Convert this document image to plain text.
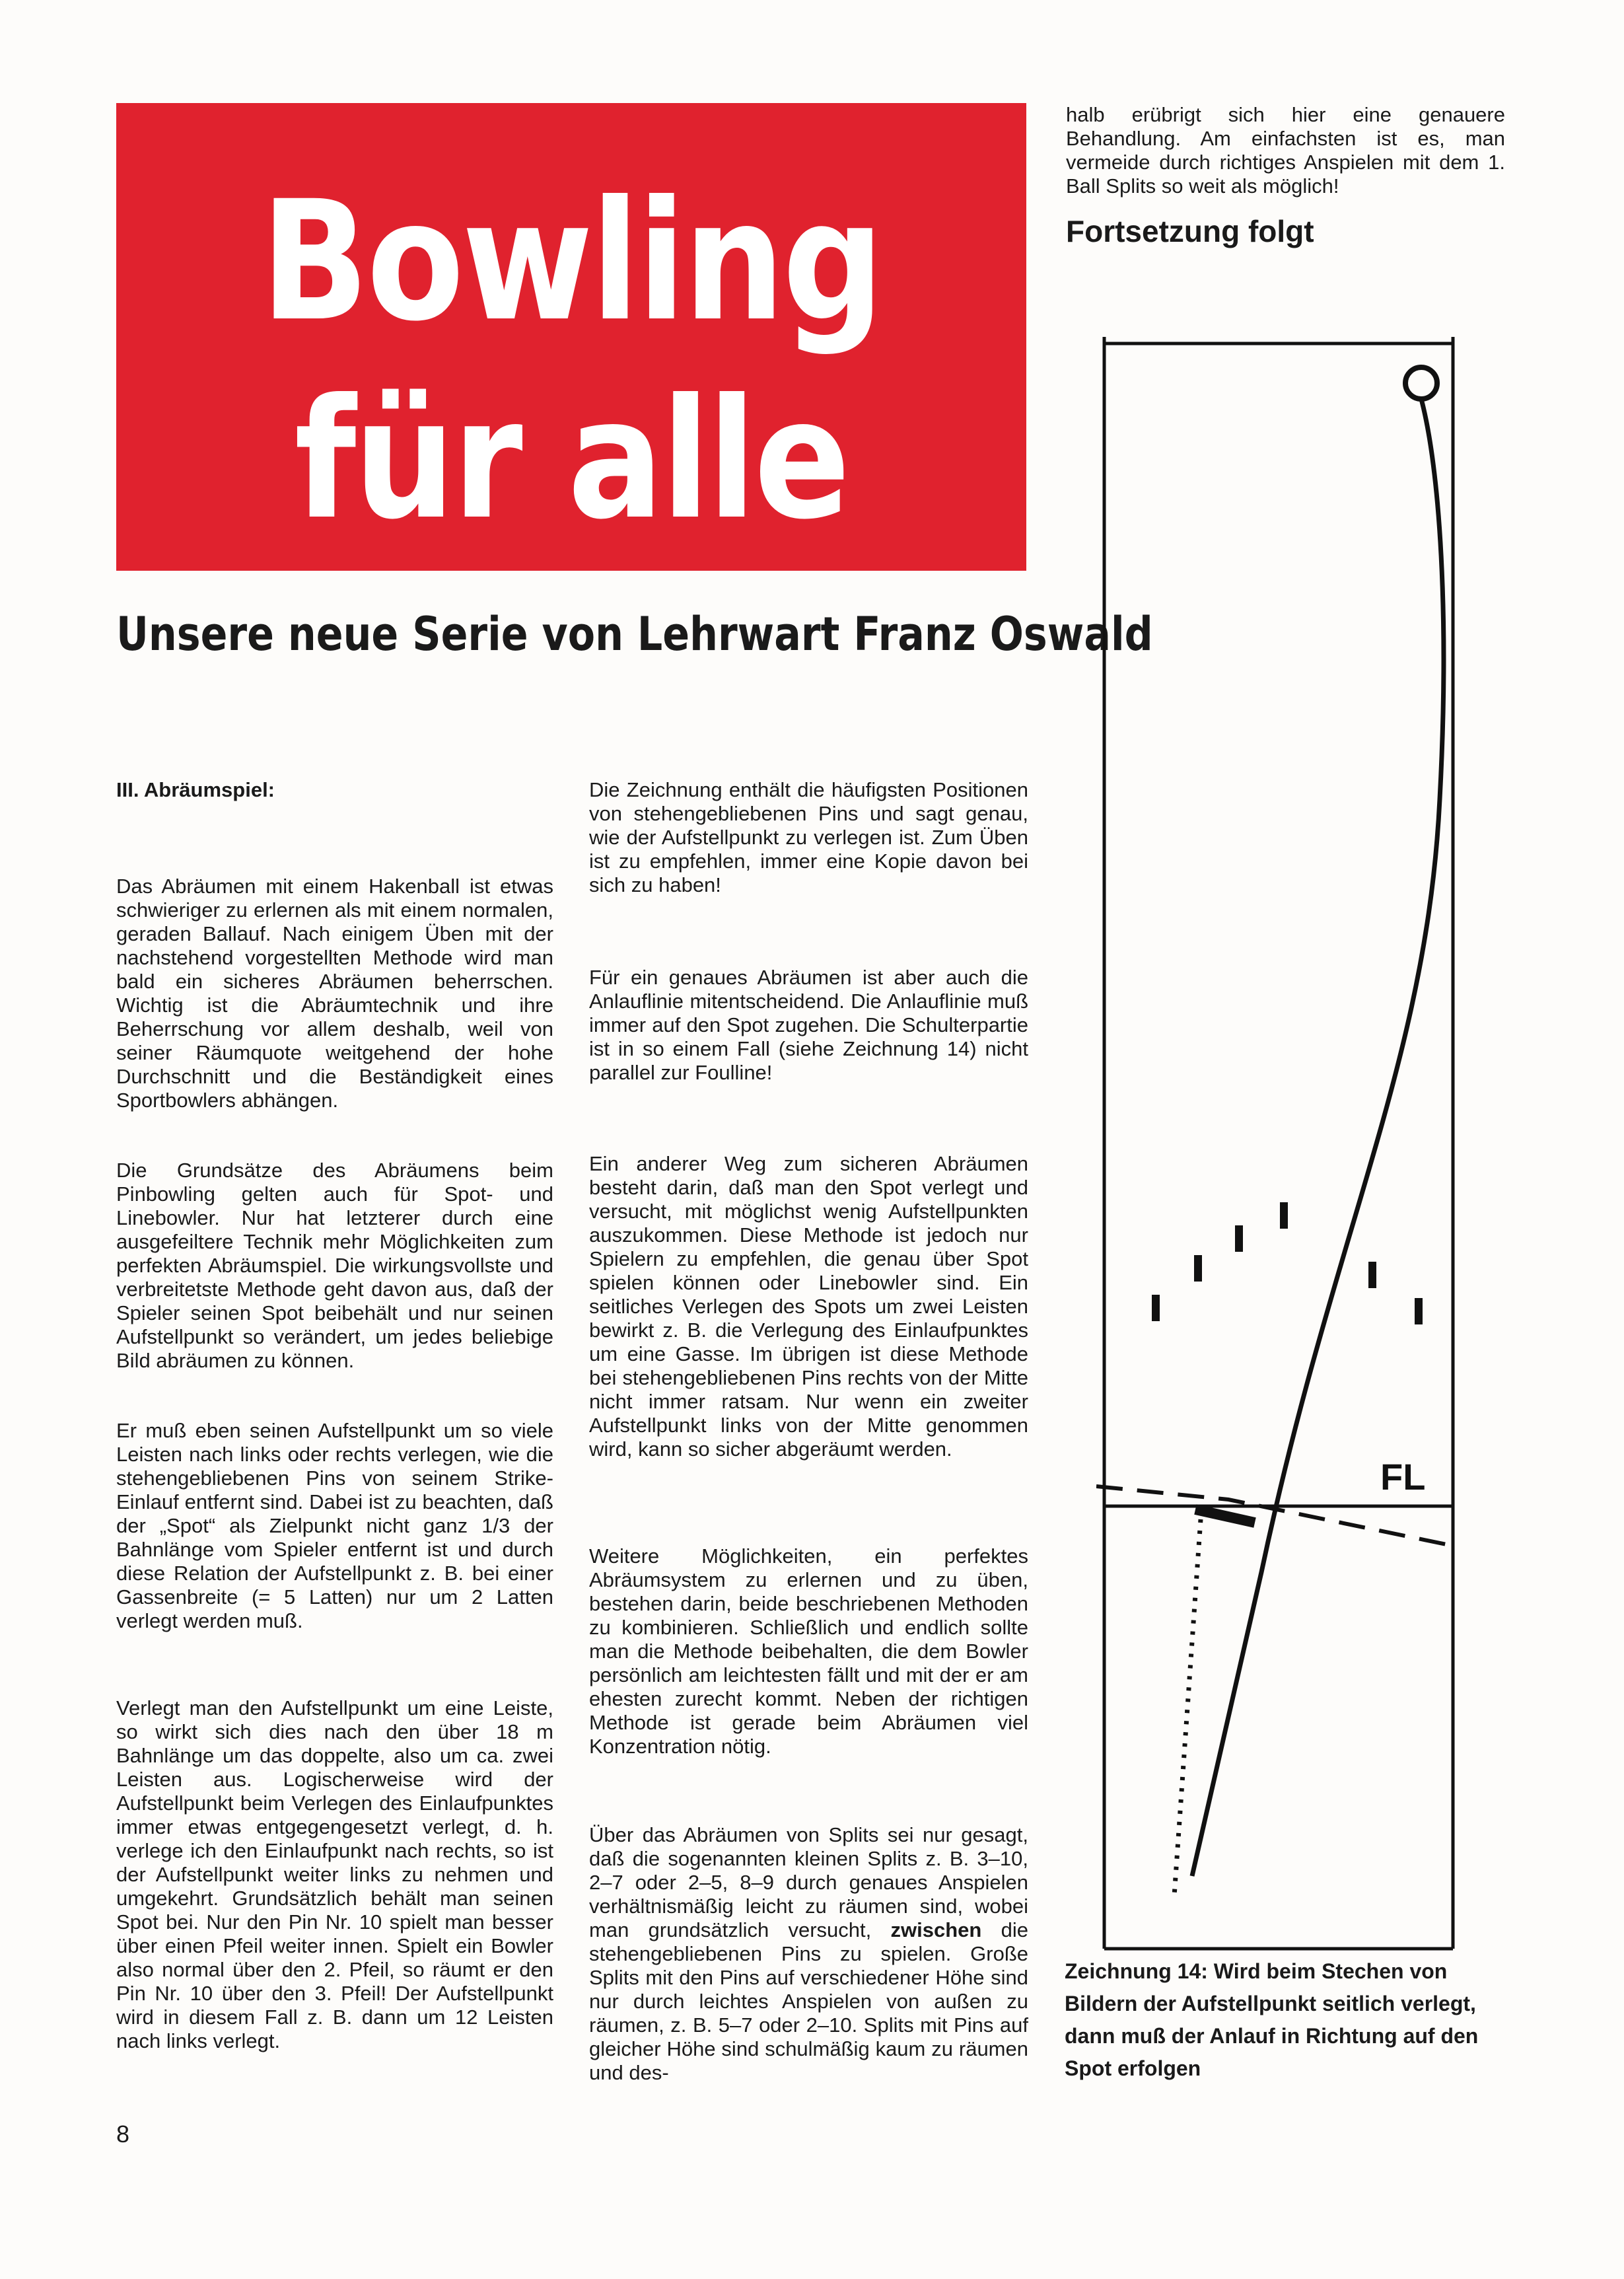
Bowling
für alle
Unsere neue Serie von Lehrwart Franz Oswald

III. Abräumspiel:

Das Abräumen mit einem Hakenball ist etwas schwieriger zu erlernen als mit einem normalen, geraden Ballauf. Nach einigem Üben mit der nachstehend vorgestellten Methode wird man bald ein sicheres Abräumen beherrschen. Wichtig ist die Abräumtechnik und ihre Beherrschung vor allem deshalb, weil von seiner Räumquote weitgehend der hohe Durchschnitt und die Beständigkeit eines Sportbowlers abhängen.

Die Grundsätze des Abräumens beim Pinbowling gelten auch für Spot- und Linebowler. Nur hat letzterer durch eine ausgefeiltere Technik mehr Möglichkeiten zum perfekten Abräumspiel. Die wirkungsvollste und verbreitetste Methode geht davon aus, daß der Spieler seinen Spot beibehält und nur seinen Aufstellpunkt so verändert, um jedes beliebige Bild abräumen zu können.

Er muß eben seinen Aufstellpunkt um so viele Leisten nach links oder rechts verlegen, wie die stehengebliebenen Pins von seinem Strike-Einlauf entfernt sind. Dabei ist zu beachten, daß der „Spot“ als Zielpunkt nicht ganz 1/3 der Bahnlänge vom Spieler entfernt ist und durch diese Relation der Aufstellpunkt z. B. bei einer Gassenbreite (= 5 Latten) nur um 2 Latten verlegt werden muß.

Verlegt man den Aufstellpunkt um eine Leiste, so wirkt sich dies nach den über 18 m Bahnlänge um das doppelte, also um ca. zwei Leisten aus. Logischerweise wird der Aufstellpunkt beim Verlegen des Einlaufpunktes immer etwas entgegengesetzt verlegt, d. h. verlege ich den Einlaufpunkt nach rechts, so ist der Aufstellpunkt weiter links zu nehmen und umgekehrt. Grundsätzlich behält man seinen Spot bei. Nur den Pin Nr. 10 spielt man besser über einen Pfeil weiter innen. Spielt ein Bowler also normal über den 2. Pfeil, so räumt er den Pin Nr. 10 über den 3. Pfeil! Der Aufstellpunkt wird in diesem Fall z. B. dann um 12 Leisten nach links verlegt.

Die Zeichnung enthält die häufigsten Positionen von stehengebliebenen Pins und sagt genau, wie der Aufstellpunkt zu verlegen ist. Zum Üben ist zu empfehlen, immer eine Kopie davon bei sich zu haben!

Für ein genaues Abräumen ist aber auch die Anlauflinie mitentscheidend. Die Anlauflinie muß immer auf den Spot zugehen. Die Schulterpartie ist in so einem Fall (siehe Zeichnung 14) nicht parallel zur Foulline!

Ein anderer Weg zum sicheren Abräumen besteht darin, daß man den Spot verlegt und versucht, mit möglichst wenig Aufstellpunkten auszukommen. Diese Methode ist jedoch nur Spielern zu empfehlen, die genau über Spot spielen können oder Linebowler sind. Ein seitliches Verlegen des Spots um zwei Leisten bewirkt z. B. die Verlegung des Einlaufpunktes um eine Gasse. Im übrigen ist diese Methode bei stehengebliebenen Pins rechts von der Mitte nicht immer ratsam. Nur wenn ein zweiter Aufstellpunkt links von der Mitte genommen wird, kann so sicher abgeräumt werden.

Weitere Möglichkeiten, ein perfektes Abräumsystem zu erlernen und zu üben, bestehen darin, beide beschriebenen Methoden zu kombinieren. Schließlich und endlich sollte man die Methode beibehalten, die dem Bowler persönlich am leichtesten fällt und mit der er am ehesten zurecht kommt. Neben der richtigen Methode ist gerade beim Abräumen viel Konzentration nötig.

Über das Abräumen von Splits sei nur gesagt, daß die sogenannten kleinen Splits z. B. 3–10, 2–7 oder 2–5, 8–9 durch genaues Anspielen verhältnismäßig leicht zu räumen sind, wobei man grundsätzlich versucht, zwischen die stehengebliebenen Pins zu spielen. Große Splits mit den Pins auf verschiedener Höhe sind nur durch leichtes Anspielen von außen zu räumen, z. B. 5–7 oder 2–10. Splits mit Pins auf gleicher Höhe sind schulmäßig kaum zu räumen und des-

halb erübrigt sich hier eine genauere Behandlung. Am einfachsten ist es, man vermeide durch richtiges Anspielen mit dem 1. Ball Splits so weit als möglich!

Fortsetzung folgt
FL
Zeichnung 14: Wird beim Stechen von Bildern der Aufstellpunkt seitlich verlegt, dann muß der Anlauf in Richtung auf den Spot erfolgen
8
